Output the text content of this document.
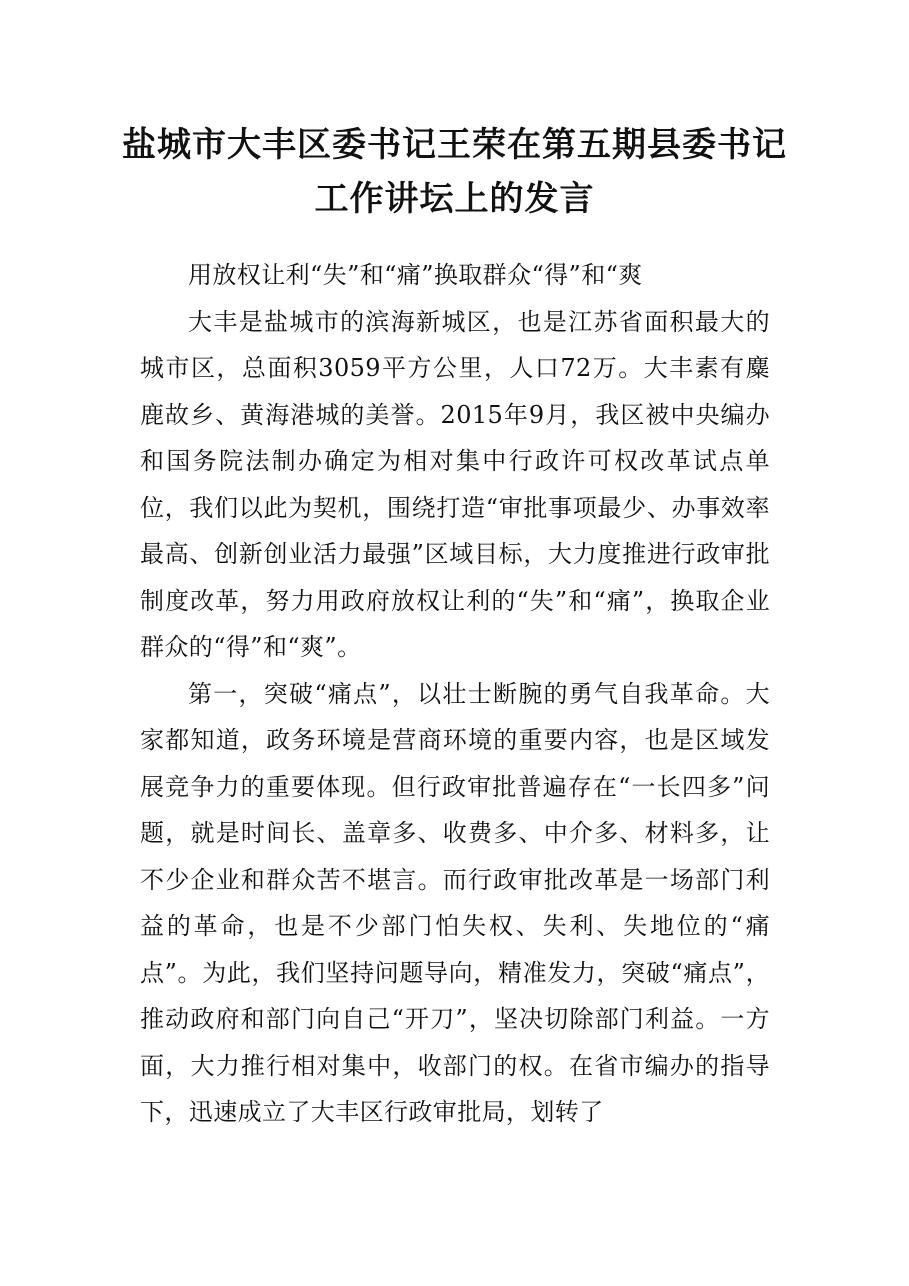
盐城市大丰区委书记王荣在第五期县委书记工作讲坛上的发言

用放权让利“失”和“痛”换取群众“得”和“爽

大丰是盐城市的滨海新城区，也是江苏省面积最大的城市区，总面积3059平方公里，人口72万。大丰素有麋鹿故乡、黄海港城的美誉。2015年9月，我区被中央编办和国务院法制办确定为相对集中行政许可权改革试点单位，我们以此为契机，围绕打造“审批事项最少、办事效率最高、创新创业活力最强”区域目标，大力度推进行政审批制度改革，努力用政府放权让利的“失”和“痛”，换取企业群众的“得”和“爽”。

第一，突破“痛点”，以壮士断腕的勇气自我革命。大家都知道，政务环境是营商环境的重要内容，也是区域发展竞争力的重要体现。但行政审批普遍存在“一长四多”问题，就是时间长、盖章多、收费多、中介多、材料多，让不少企业和群众苦不堪言。而行政审批改革是一场部门利益的革命，也是不少部门怕失权、失利、失地位的“痛点”。为此，我们坚持问题导向，精准发力，突破“痛点”，推动政府和部门向自己“开刀”，坚决切除部门利益。一方面，大力推行相对集中，收部门的权。在省市编办的指导下，迅速成立了大丰区行政审批局，划转了
